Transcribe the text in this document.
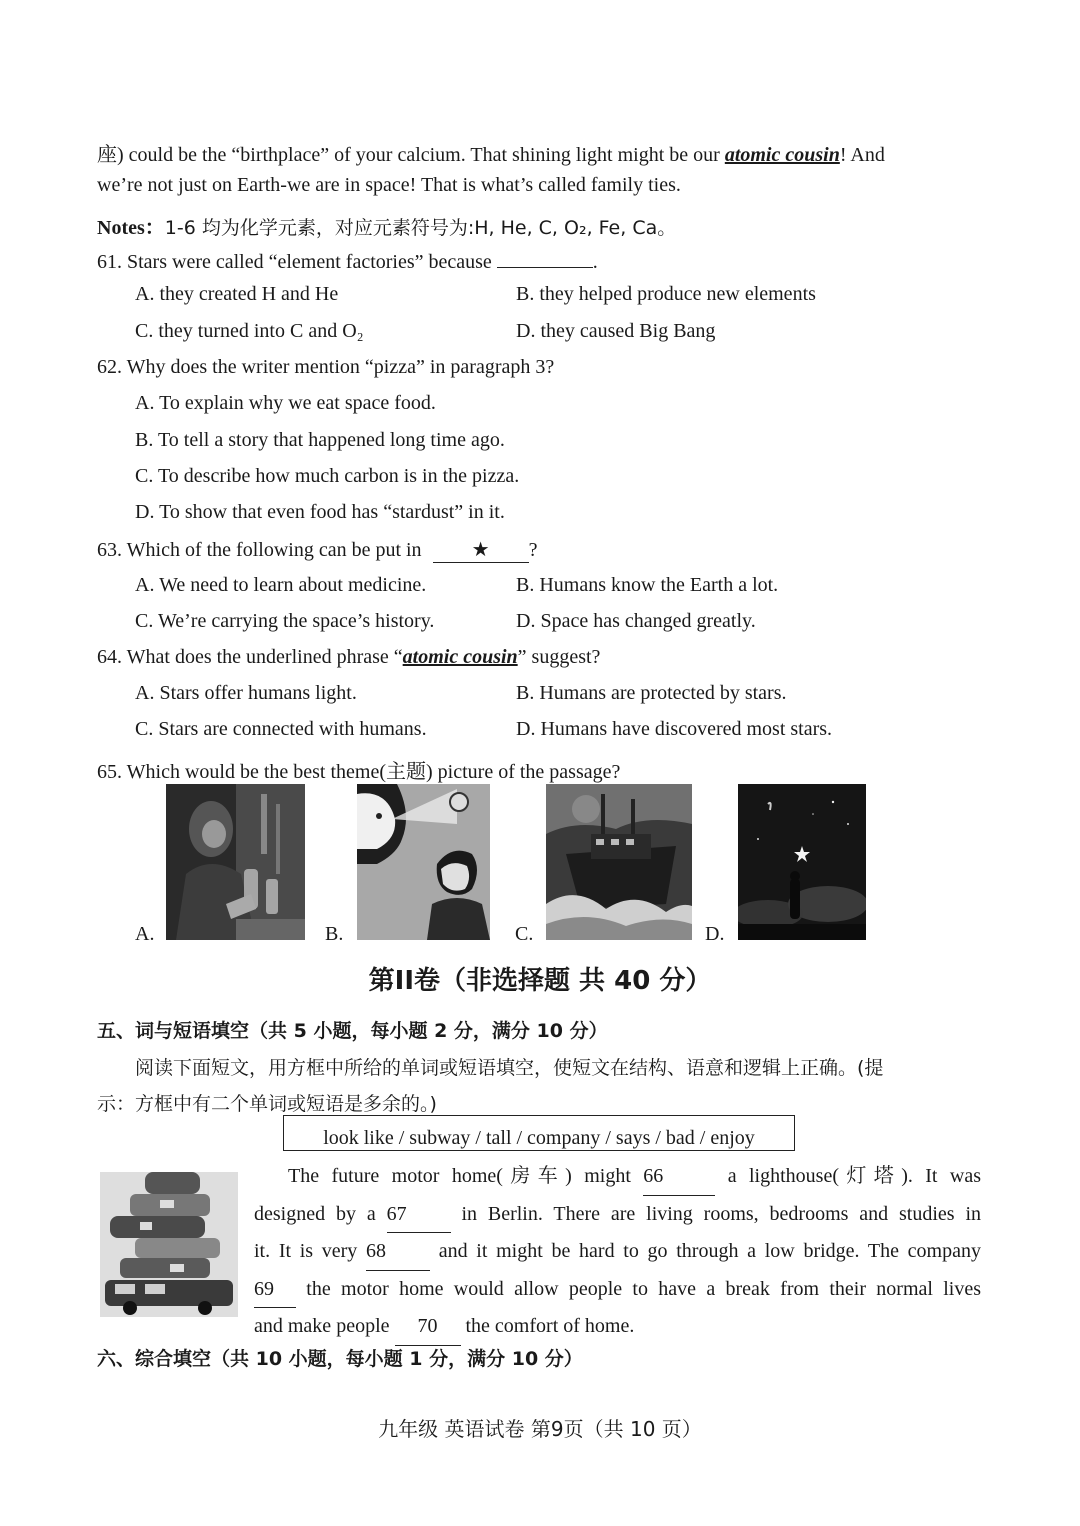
座) could be the “birthplace” of your calcium. That shining light might be our atomic cousin! And
we’re not just on Earth-we are in space! That is what’s called family ties.
Notes：1-6 均为化学元素，对应元素符号为:H, He, C, O₂, Fe, Ca。
61. Stars were called “element factories” because	.
A. they created H and He	B. they helped produce new elements
C. they turned into C and O₂	D. they caused Big Bang
62. Why does the writer mention “pizza” in paragraph 3?
A. To explain why we eat space food.
B. To tell a story that happened long time ago.
C. To describe how much carbon is in the pizza.
D. To show that even food has “stardust” in it.
63. Which of the following can be put in	★ ?
A. We need to learn about medicine.	B. Humans know the Earth a lot.
C. We’re carrying the space’s history.	D. Space has changed greatly.
64. What does the underlined phrase “atomic cousin” suggest?
A. Stars offer humans light.	B. Humans are protected by stars.
C. Stars are connected with humans.	D. Humans have discovered most stars.
65. Which would be the best theme(主题) picture of the passage?
A.	B.	C.	D.
第II卷（非选择题 共 40 分）
五、词与短语填空（共 5 小题，每小题 2 分，满分 10 分）
阅读下面短文，用方框中所给的单词或短语填空，使短文在结构、语意和逻辑上正确。(提
示：方框中有二个单词或短语是多余的。)
look like / subway / tall / company / says / bad / enjoy
The future motor home(房车) might 66	a lighthouse(灯塔). It was
designed by a 67	in Berlin. There are living rooms, bedrooms and studies in
it. It is very 68	and it might be hard to go through a low bridge. The company
69 the motor home would allow people to have a break from their normal lives
and make people 70 the comfort of home.
六、综合填空（共 10 小题，每小题 1 分，满分 10 分）
九年级 英语试卷 第9页（共 10 页）
